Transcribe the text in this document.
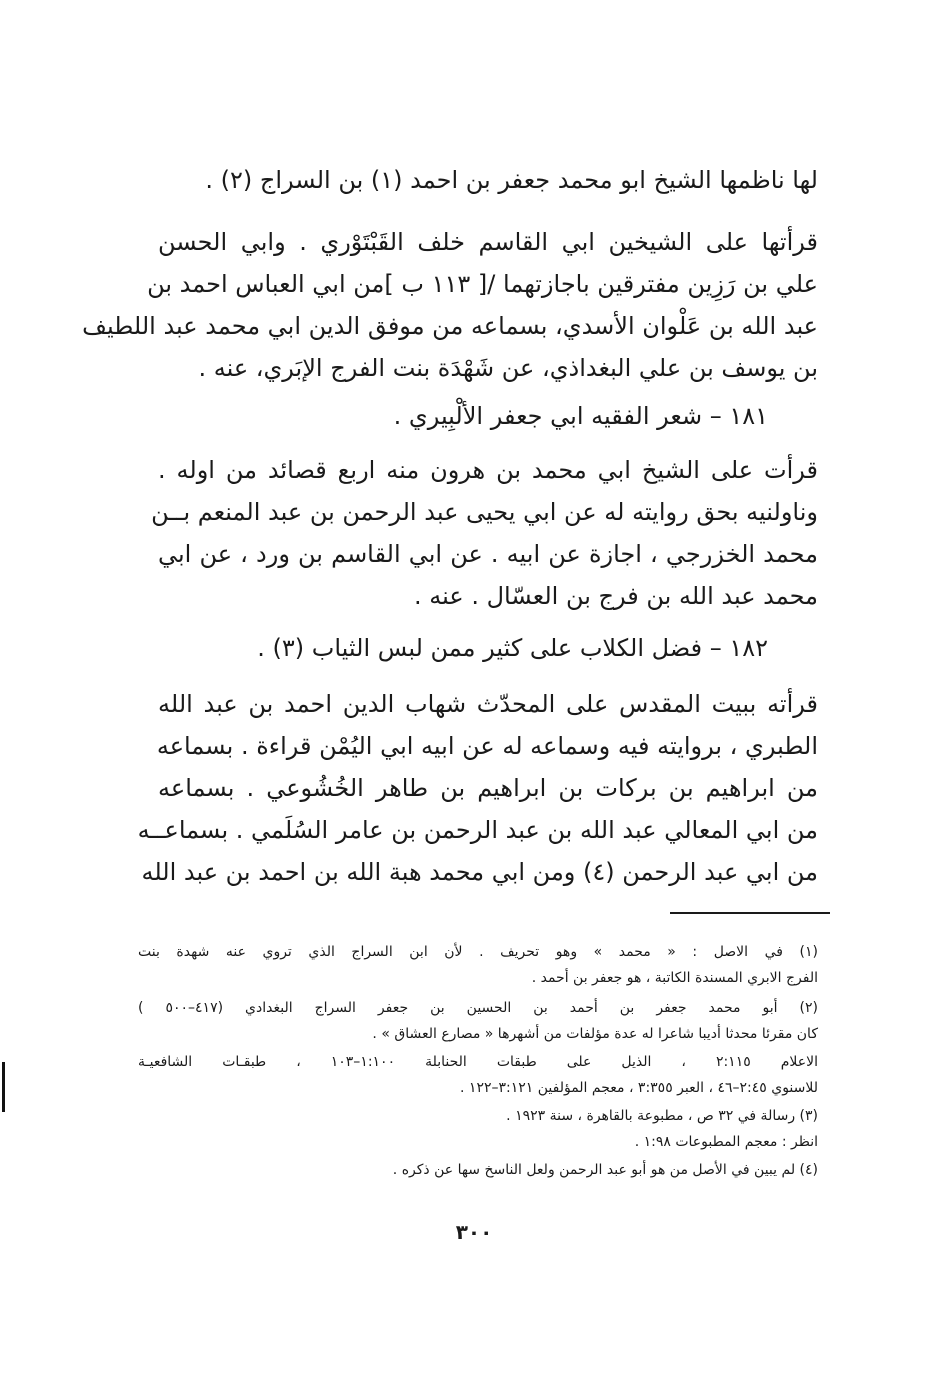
لها ناظمها الشيخ ابو محمد جعفر بن احمد (١) بن السراج (٢) .
قرأتها على الشيخين ابي القاسم خلف القَبْتَوْري . وابي الحسن
علي بن رَزِين مفترقين باجازتهما /[ ١١٣ ب ]من ابي العباس احمد بن
عبد الله بن عَلْوان الأسدي، بسماعه من موفق الدين ابي محمد عبد اللطيف
بن يوسف بن علي البغداذي، عن شَهْدَة بنت الفرج الإبَري، عنه .
١٨١ – شعر الفقيه ابي جعفر الألْبِيري .
قرأت على الشيخ ابي محمد بن هرون منه اربع قصائد من اوله .
وناولنيه بحق روايته له عن ابي يحيى عبد الرحمن بن عبد المنعم بــن
محمد الخزرجي ، اجازة عن ابيه . عن ابي القاسم بن ورد ، عن ابي
محمد عبد الله بن فرج بن العسّال . عنه .
١٨٢ – فضل الكلاب على كثير ممن لبس الثياب (٣) .
قرأته ببيت المقدس على المحدّث شهاب الدين احمد بن عبد الله
الطبري ، بروايته فيه وسماعه له عن ابيه ابي اليُمْن قراءة . بسماعه
من ابراهيم بن بركات بن ابراهيم بن طاهر الخُشُوعي . بسماعه
من ابي المعالي عبد الله بن عبد الرحمن بن عامر السُلَمي . بسماعــه
من ابي عبد الرحمن (٤) ومن ابي محمد هبة الله بن احمد بن عبد الله
(١) في الاصل : « محمد » وهو تحريف . لأن ابن السراج الذي تروي عنه شهدة بنت
الفرج الابري المسندة الكاتبة ، هو جعفر بن أحمد .
(٢) أبو محمد جعفر بن أحمد بن الحسين بن جعفر السراج البغدادي (٤١٧–٥٠٠ )
كان مقرئا محدثا أديبا شاعرا له عدة مؤلفات من أشهرها « مصارع العشاق » .
الاعلام ٢:١١٥ ، الذيل على طبقات الحنابلة ١:١٠٠–١٠٣ ، طبقـات الشافعيـة
للاسنوي ٢:٤٥–٤٦ ، العبر ٣:٣٥٥ ، معجم المؤلفين ٣:١٢١–١٢٢ .
(٣) رسالة في ٣٢ ص ، مطبوعة بالقاهرة ، سنة ١٩٢٣ .
انظر : معجم المطبوعات ١:٩٨ .
(٤) لم يبين في الأصل من هو أبو عبد الرحمن ولعل الناسخ سها عن ذكره .
٣٠٠
